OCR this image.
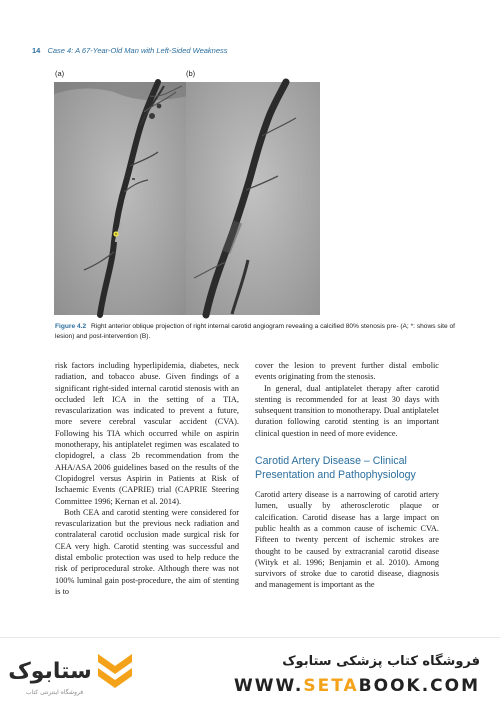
14 Case 4: A 67-Year-Old Man with Left-Sided Weakness
(a)	(b)
Figure 4.2 Right anterior oblique projection of right internal carotid angiogram revealing a calcified 80% stenosis pre- (A; *: shows site of lesion) and post-intervention (B).

risk factors including hyperlipidemia, diabetes, neck radiation, and tobacco abuse. Given findings of a significant right-sided internal carotid stenosis with an occluded left ICA in the setting of a TIA, revascularization was indicated to prevent a future, more severe cerebral vascular accident (CVA). Following his TIA which occurred while on aspirin monotherapy, his antiplatelet regimen was escalated to clopidogrel, a class 2b recommendation from the AHA/ASA 2006 guidelines based on the results of the Clopidogrel versus Aspirin in Patients at Risk of Ischaemic Events (CAPRIE) trial (CAPRIE Steering Committee 1996; Kernan et al. 2014).

Both CEA and carotid stenting were considered for revascularization but the previous neck radiation and contralateral carotid occlusion made surgical risk for CEA very high. Carotid stenting was successful and distal embolic protection was used to help reduce the risk of periprocedural stroke. Although there was not 100% luminal gain post-procedure, the aim of stenting is to

cover the lesion to prevent further distal embolic events originating from the stenosis.

In general, dual antiplatelet therapy after carotid stenting is recommended for at least 30 days with subsequent transition to monotherapy. Dual antiplatelet duration following carotid stenting is an important clinical question in need of more evidence.

Carotid Artery Disease – Clinical Presentation and Pathophysiology

Carotid artery disease is a narrowing of carotid artery lumen, usually by atherosclerotic plaque or calcification. Carotid disease has a large impact on public health as a common cause of ischemic CVA. Fifteen to twenty percent of ischemic strokes are thought to be caused by extracranial carotid disease (Wityk et al. 1996; Benjamin et al. 2010). Among survivors of stroke due to carotid disease, diagnosis and management is important as the

ستابوک
فروشگاه اینترنتی کتاب
فروشگاه کتاب پزشکی ستابوک
WWW.SETABOOK.COM
